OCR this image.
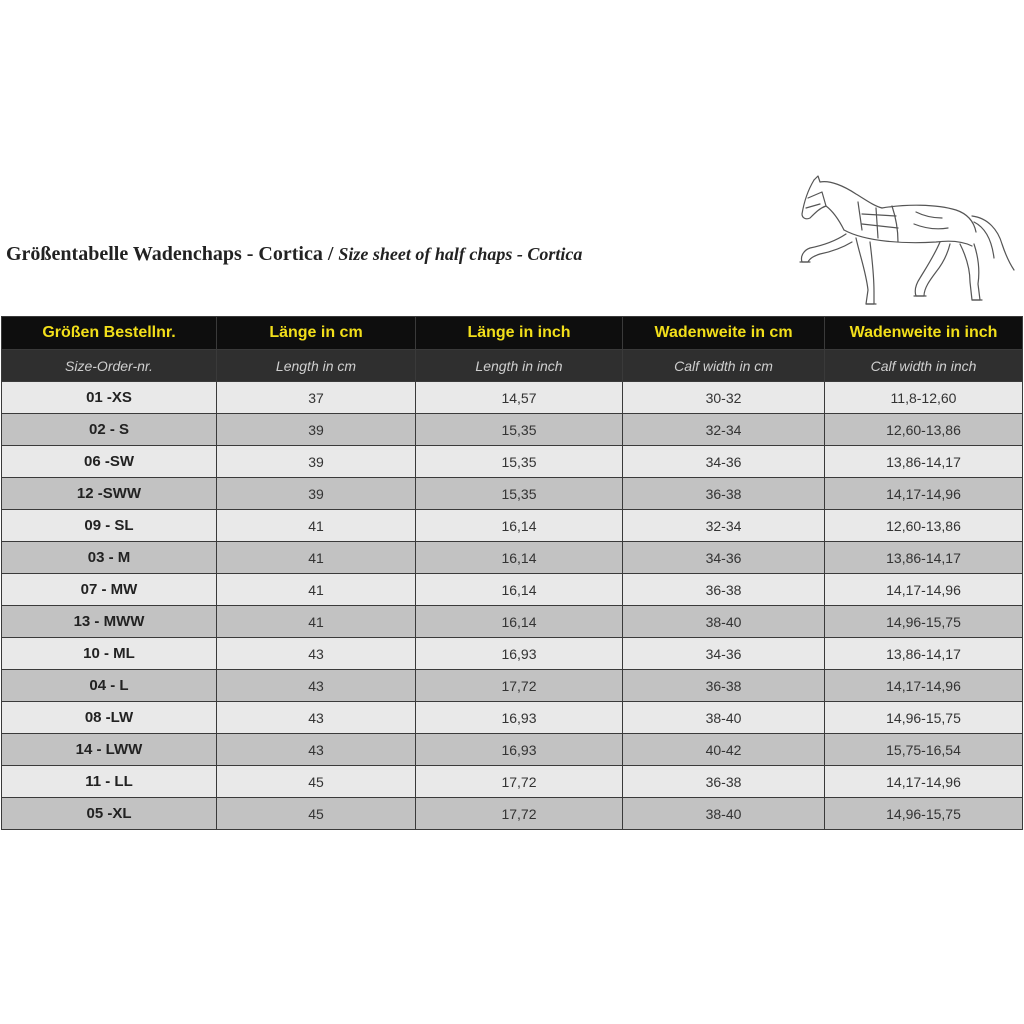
Größentabelle Wadenchaps - Cortica / Size sheet of half chaps - Cortica
Größen Bestellnr.	Länge in cm	Länge in inch	Wadenweite in cm	Wadenweite in inch
Size-Order-nr.	Length in cm	Length in inch	Calf width in cm	Calf width in inch
01 -XS	37	14,57	30-32	11,8-12,60
02 - S	39	15,35	32-34	12,60-13,86
06 -SW	39	15,35	34-36	13,86-14,17
12 -SWW	39	15,35	36-38	14,17-14,96
09 - SL	41	16,14	32-34	12,60-13,86
03 - M	41	16,14	34-36	13,86-14,17
07 - MW	41	16,14	36-38	14,17-14,96
13 - MWW	41	16,14	38-40	14,96-15,75
10 - ML	43	16,93	34-36	13,86-14,17
04 - L	43	17,72	36-38	14,17-14,96
08 -LW	43	16,93	38-40	14,96-15,75
14 - LWW	43	16,93	40-42	15,75-16,54
11 - LL	45	17,72	36-38	14,17-14,96
05 -XL	45	17,72	38-40	14,96-15,75
